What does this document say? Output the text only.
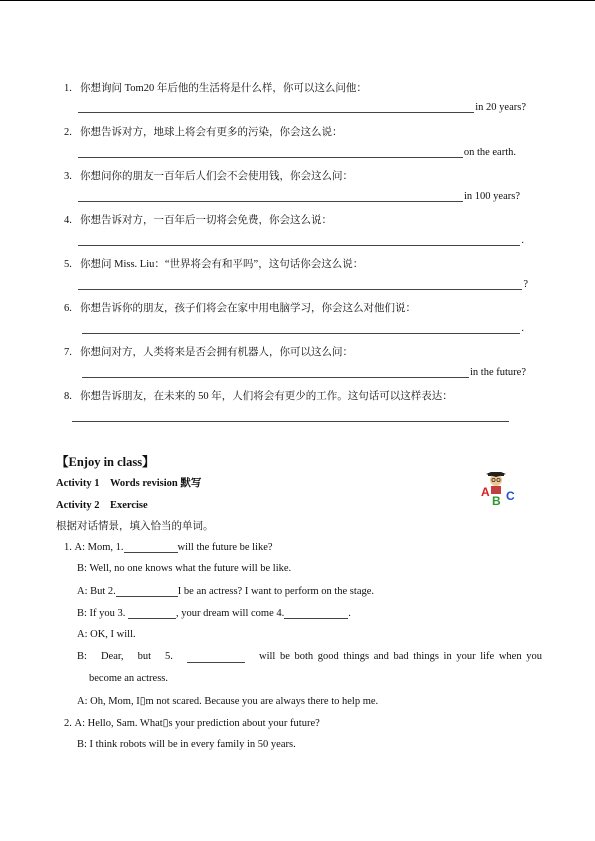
1. 你想询问 Tom20 年后他的生活将是什么样，你可以这么问他：
in 20 years?
2. 你想告诉对方，地球上将会有更多的污染，你会这么说：
on the earth.
3. 你想问你的朋友一百年后人们会不会使用钱，你会这么问：
in 100 years?
4. 你想告诉对方，一百年后一切将会免费，你会这么说：
.
5. 你想问 Miss. Liu：“世界将会有和平吗”，这句话你会这么说：
?
6. 你想告诉你的朋友，孩子们将会在家中用电脑学习，你会这么对他们说：
.
7. 你想问对方，人类将来是否会拥有机器人，你可以这么问：
in the future?
8. 你想告诉朋友，在未来的 50 年，人们将会有更少的工作。这句话可以这样表达：
【Enjoy in class】
Activity 1　Words revision 默写
Activity 2　Exercise
根据对话情景，填入恰当的单词。
A
B C
1. A: Mom, 1.	will the future be like?
B: Well, no one knows what the future will be like.
A: But 2.	I be an actress? I want to perform on the stage.
B: If you 3.	, your dream will come 4.	.
A: OK, I will.
B: Dear, but 5.	will be both good things and bad things in your life when you
become an actress.
A: Oh, Mom, I▯m not scared. Because you are always there to help me.
2. A: Hello, Sam. What▯s your prediction about your future?
B: I think robots will be in every family in 50 years.
